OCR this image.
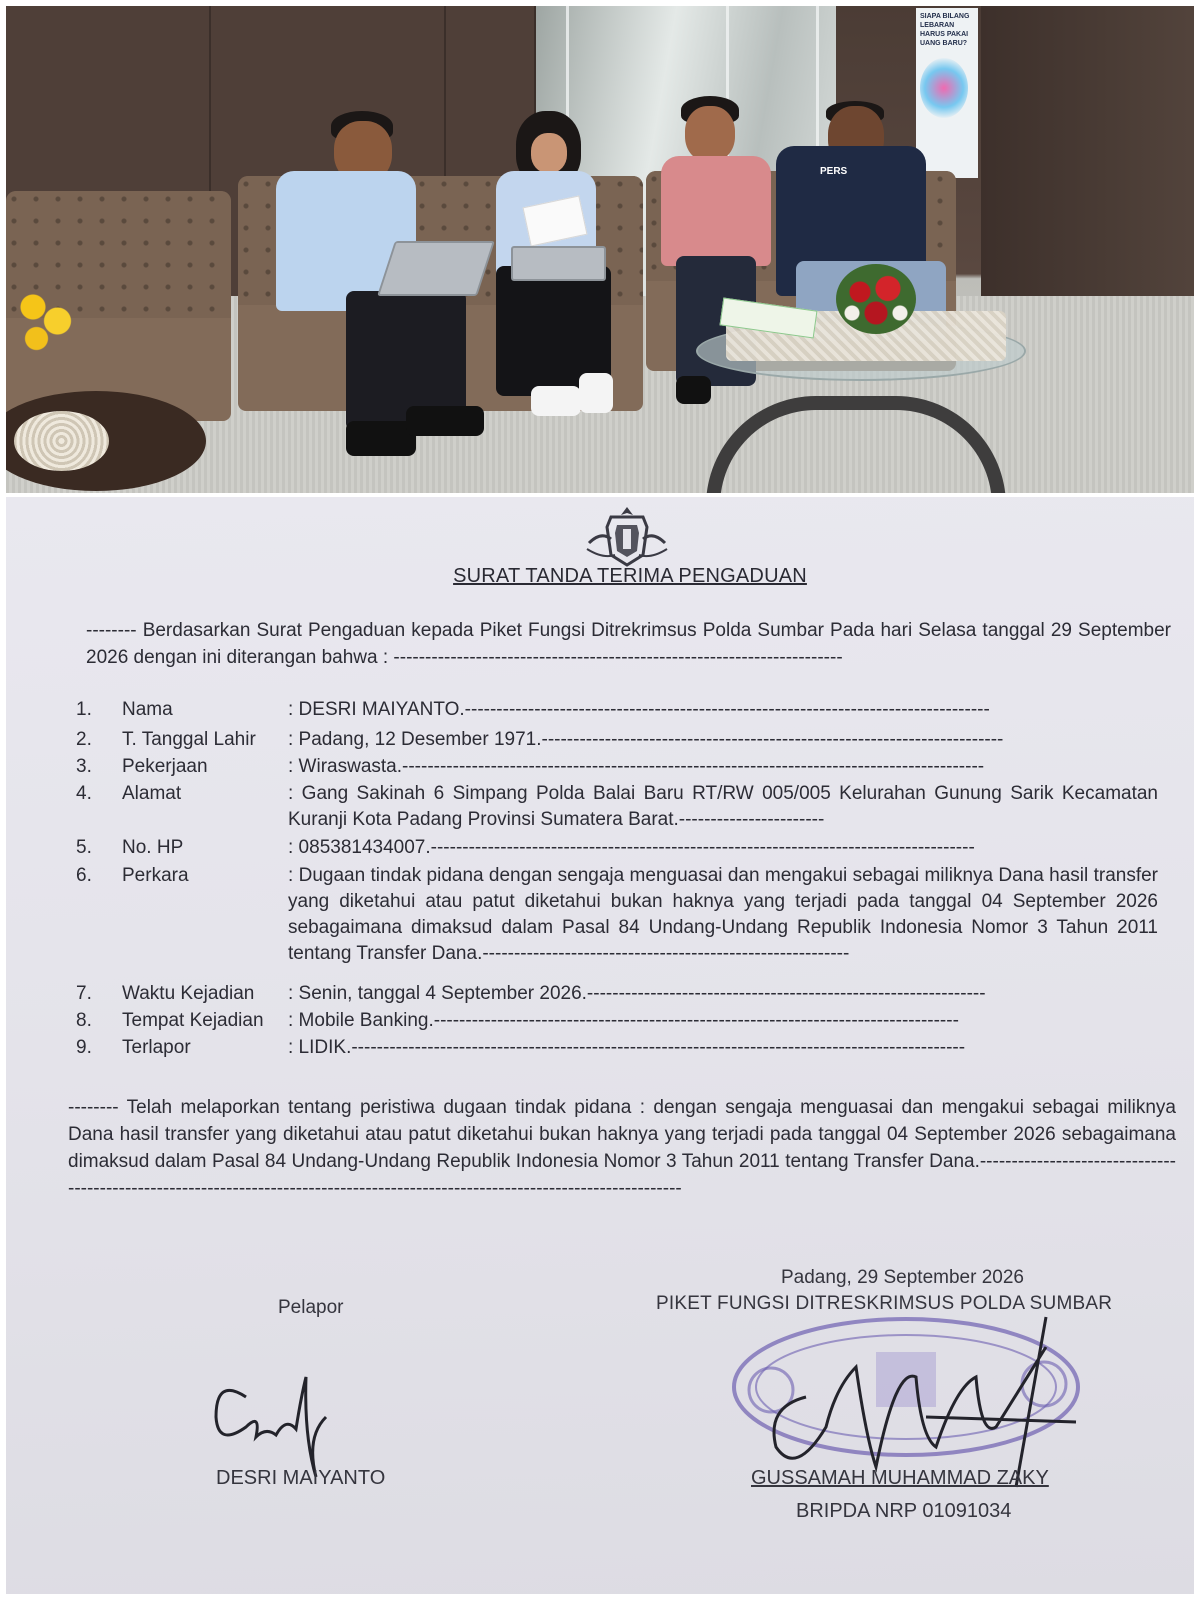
SIAPA BILANG LEBARAN HARUS PAKAI UANG BARU?
PERS
SURAT TANDA TERIMA PENGADUAN
-------- Berdasarkan Surat Pengaduan kepada Piket Fungsi Ditrekrimsus Polda Sumbar Pada hari Selasa tanggal 29 September 2026 dengan ini diterangan bahwa : -----------------------------------------------------------------------
1.	Nama	: DESRI MAIYANTO.-----------------------------------------------------------------------------------
2.	T. Tanggal Lahir	: Padang, 12 Desember 1971.-------------------------------------------------------------------------
3.	Pekerjaan	: Wiraswasta.--------------------------------------------------------------------------------------------
4.	Alamat	: Gang Sakinah 6 Simpang Polda Balai Baru RT/RW 005/005 Kelurahan Gunung Sarik Kecamatan Kuranji Kota Padang Provinsi Sumatera Barat.-----------------------
5.	No. HP	: 085381434007.--------------------------------------------------------------------------------------
6.	Perkara	: Dugaan tindak pidana dengan sengaja menguasai dan mengakui sebagai miliknya Dana hasil transfer yang diketahui atau patut diketahui bukan haknya yang terjadi pada tanggal 04 September 2026 sebagaimana dimaksud dalam Pasal 84 Undang-Undang Republik Indonesia Nomor 3 Tahun 2011 tentang Transfer Dana.----------------------------------------------------------
7.	Waktu Kejadian	: Senin, tanggal 4 September 2026.---------------------------------------------------------------
8.	Tempat Kejadian	: Mobile Banking.-----------------------------------------------------------------------------------
9.	Terlapor	: LIDIK.-------------------------------------------------------------------------------------------------
-------- Telah melaporkan tentang peristiwa dugaan tindak pidana : dengan sengaja menguasai dan mengakui sebagai miliknya Dana hasil transfer yang diketahui atau patut diketahui bukan haknya yang terjadi pada tanggal 04 September 2026 sebagaimana dimaksud dalam Pasal 84 Undang-Undang Republik Indonesia Nomor 3 Tahun 2011 tentang Transfer Dana.--------------------------------------------------------------------------------------------------------------------------------
Padang, 29 September 2026
Pelapor	PIKET FUNGSI DITRESKRIMSUS POLDA SUMBAR
DESRI MAIYANTO	GUSSAMAH MUHAMMAD ZAKY
BRIPDA NRP 01091034
